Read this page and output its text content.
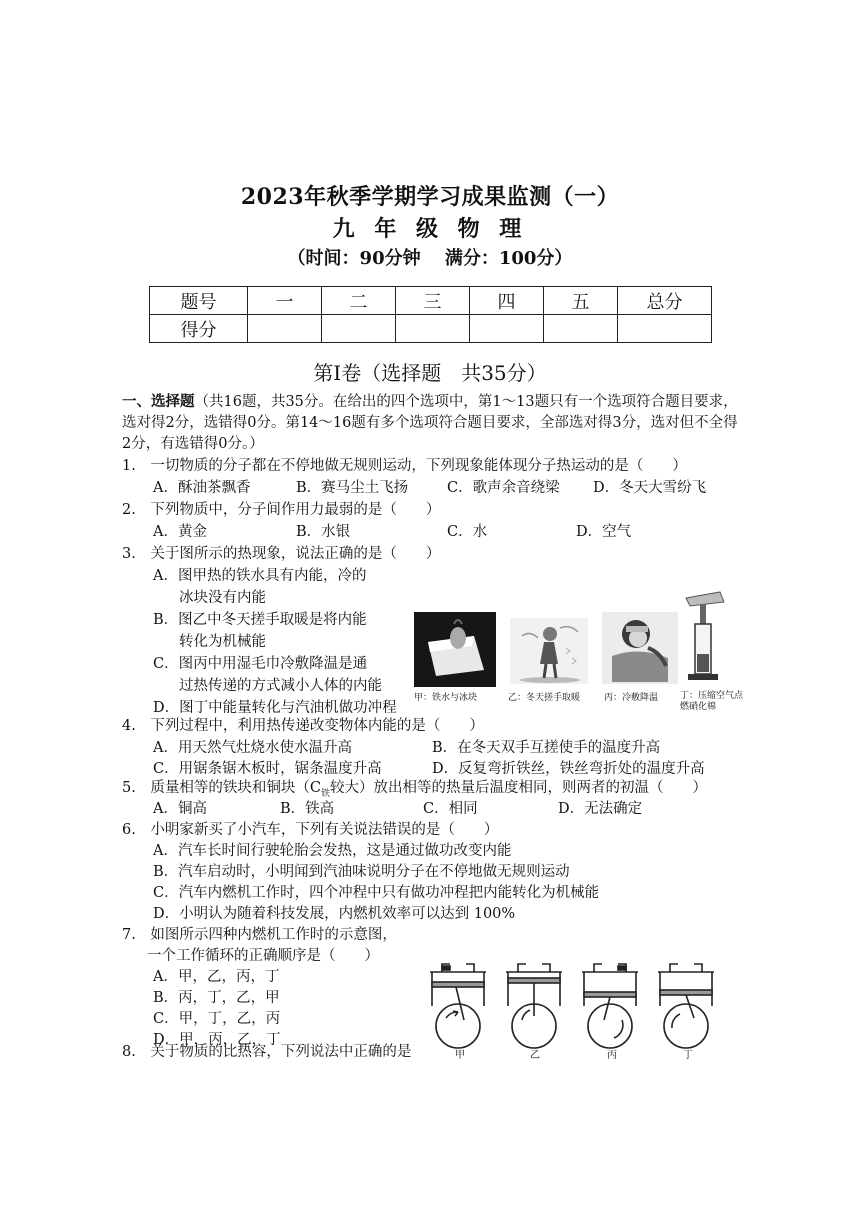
2023年秋季学期学习成果监测（一）
九 年 级 物 理
（时间：90分钟　 满分：100分）
题号	一	二	三	四	五	总分
得分						
第Ⅰ卷（选择题　共35分）
一、选择题（共16题，共35分。在给出的四个选项中，第1～13题只有一个选项符合题目要求，选对得2分，选错得0分。第14～16题有多个选项符合题目要求，全部选对得3分，选对但不全得2分，有选错得0分。）
1.　一切物质的分子都在不停地做无规则运动，下列现象能体现分子热运动的是（　　）
A．酥油茶飘香	B．赛马尘土飞扬	C．歌声余音绕梁 D．冬天大雪纷飞
2.　下列物质中，分子间作用力最弱的是（　　）
A．黄金	B．水银	C．水	D．空气
3.　关于图所示的热现象，说法正确的是（　　）
A．图甲热的铁水具有内能，冷的
冰块没有内能
B．图乙中冬天搓手取暖是将内能
转化为机械能
C．图丙中用湿毛巾冷敷降温是通
过热传递的方式减小人体的内能
D．图丁中能量转化与汽油机做功冲程
甲：铁水与冰块	乙：冬天搓手取暖	丙：冷敷降温 丁：压缩空气点
燃硝化棉
4.　下列过程中，利用热传递改变物体内能的是（　　）
A．用天然气灶烧水使水温升高	B．在冬天双手互搓使手的温度升高
C．用锯条锯木板时，锯条温度升高	D．反复弯折铁丝，铁丝弯折处的温度升高
5.　质量相等的铁块和铜块（$C_铁$较大）放出相等的热量后温度相同，则两者的初温（　　）
A．铜高	B．铁高	C．相同	D．无法确定
6.　小明家新买了小汽车，下列有关说法错误的是（　　）
A．汽车长时间行驶轮胎会发热，这是通过做功改变内能
B．汽车启动时，小明闻到汽油味说明分子在不停地做无规则运动
C．汽车内燃机工作时，四个冲程中只有做功冲程把内能转化为机械能
D．小明认为随着科技发展，内燃机效率可以达到 100%
7.　如图所示四种内燃机工作时的示意图，
一个工作循环的正确顺序是（　　）
A．甲，乙，丙，丁
B．丙，丁，乙，甲
C．甲，丁，乙，丙
D．甲，丙，乙，丁
甲	乙	丙	丁
8.　关于物质的比热容，下列说法中正确的是
